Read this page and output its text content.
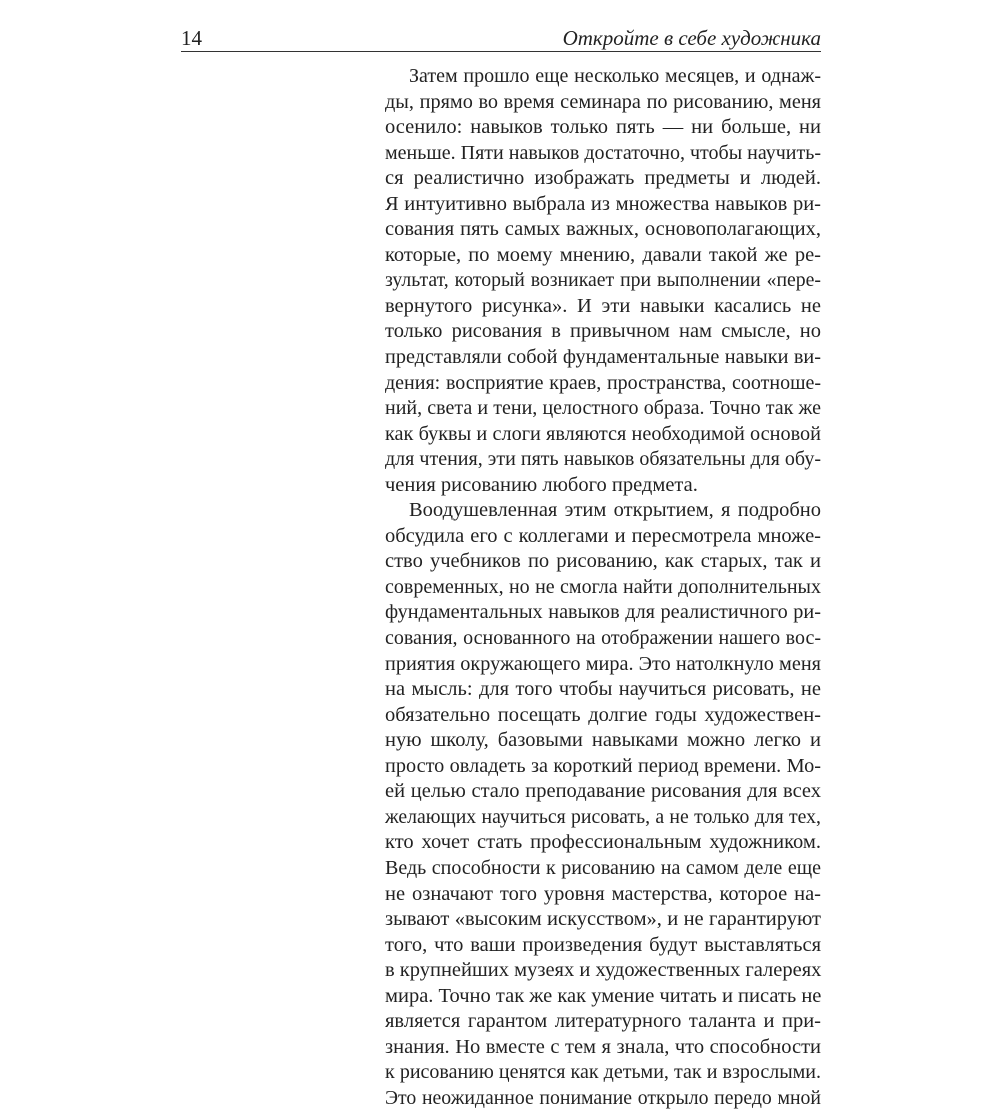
14	Откройте в себе художника
Затем прошло еще несколько месяцев, и однаж-
ды, прямо во время семинара по рисованию, меня
осенило: навыков только пять — ни больше, ни
меньше. Пяти навыков достаточно, чтобы научить-
ся реалистично изображать предметы и людей.
Я интуитивно выбрала из множества навыков ри-
сования пять самых важных, основополагающих,
которые, по моему мнению, давали такой же ре-
зультат, который возникает при выполнении «пере-
вернутого рисунка». И эти навыки касались не
только рисования в привычном нам смысле, но
представляли собой фундаментальные навыки ви-
дения: восприятие краев, пространства, соотноше-
ний, света и тени, целостного образа. Точно так же
как буквы и слоги являются необходимой основой
для чтения, эти пять навыков обязательны для обу-
чения рисованию любого предмета.
Воодушевленная этим открытием, я подробно
обсудила его с коллегами и пересмотрела множе-
ство учебников по рисованию, как старых, так и
современных, но не смогла найти дополнительных
фундаментальных навыков для реалистичного ри-
сования, основанного на отображении нашего вос-
приятия окружающего мира. Это натолкнуло меня
на мысль: для того чтобы научиться рисовать, не
обязательно посещать долгие годы художествен-
ную школу, базовыми навыками можно легко и
просто овладеть за короткий период времени. Мо-
ей целью стало преподавание рисования для всех
желающих научиться рисовать, а не только для тех,
кто хочет стать профессиональным художником.
Ведь способности к рисованию на самом деле еще
не означают того уровня мастерства, которое на-
зывают «высоким искусством», и не гарантируют
того, что ваши произведения будут выставляться
в крупнейших музеях и художественных галереях
мира. Точно так же как умение читать и писать не
является гарантом литературного таланта и при-
знания. Но вместе с тем я знала, что способности
к рисованию ценятся как детьми, так и взрослыми.
Это неожиданное понимание открыло передо мной
